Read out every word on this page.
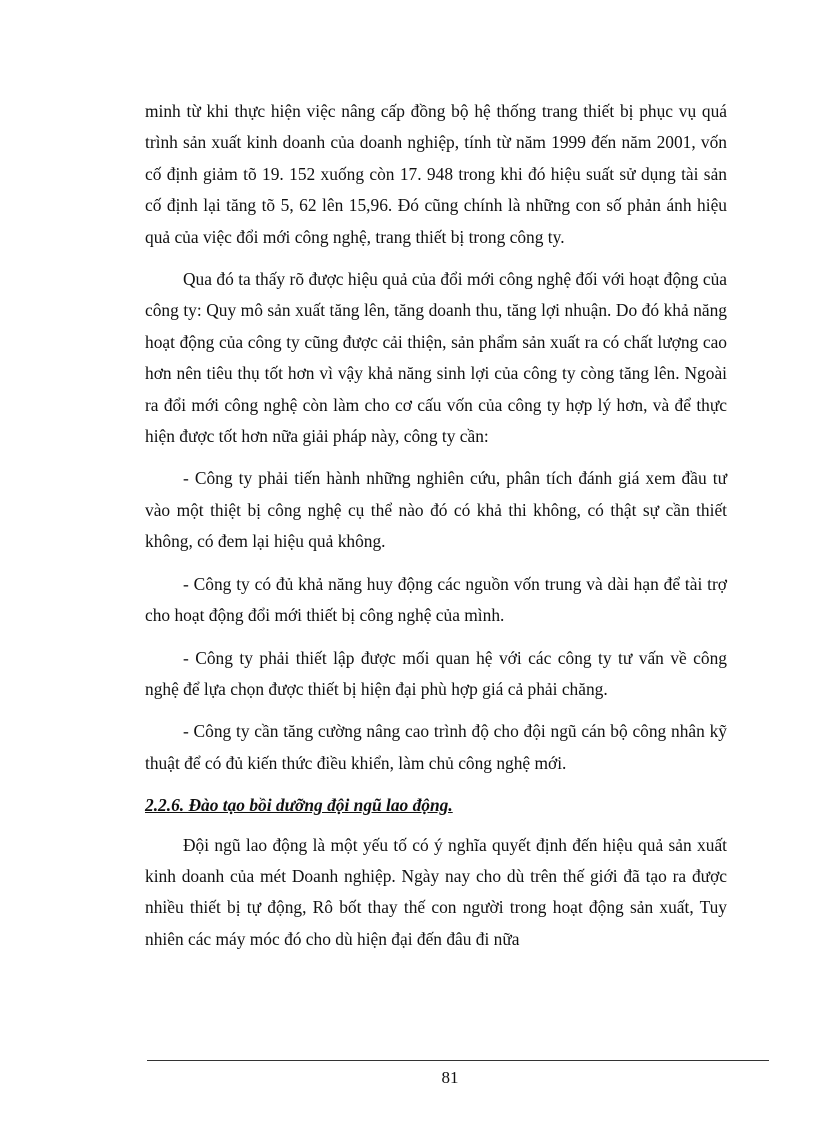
minh từ khi thực hiện việc nâng cấp đồng bộ hệ thống trang thiết bị phục vụ quá trình sản xuất kinh doanh của doanh nghiệp, tính từ năm 1999 đến năm 2001, vốn cố định giảm tõ 19. 152 xuống còn 17. 948 trong khi đó hiệu suất sử dụng tài sản cố định lại tăng tõ 5, 62 lên 15,96. Đó cũng chính là những con số phản ánh hiệu quả của việc đổi mới công nghệ, trang thiết bị trong công ty.

Qua đó ta thấy rõ được hiệu quả của đổi mới công nghệ đối với hoạt động của công ty: Quy mô sản xuất tăng lên, tăng doanh thu, tăng lợi nhuận. Do đó khả năng hoạt động của công ty cũng được cải thiện, sản phẩm sản xuất ra có chất lượng cao hơn nên tiêu thụ tốt hơn vì vậy khả năng sinh lợi của công ty còng tăng lên. Ngoài ra đổi mới công nghệ còn làm cho cơ cấu vốn của công ty hợp lý hơn, và để thực hiện được tốt hơn nữa giải pháp này, công ty cần:

- Công ty phải tiến hành những nghiên cứu, phân tích đánh giá xem đầu tư vào một thiệt bị công nghệ cụ thể nào đó có khả thi không, có thật sự cần thiết không, có đem lại hiệu quả không.

- Công ty có đủ khả năng huy động các nguồn vốn trung và dài hạn để tài trợ cho hoạt động đổi mới thiết bị công nghệ của mình.

- Công ty phải thiết lập được mối quan hệ với các công ty tư vấn về công nghệ để lựa chọn được thiết bị hiện đại phù hợp giá cả phải chăng.

- Công ty cần tăng cường nâng cao trình độ cho đội ngũ cán bộ công nhân kỹ thuật để có đủ kiến thức điều khiển, làm chủ công nghệ mới.

2.2.6. Đào tạo bồi dưỡng đội ngũ lao động.

Đội ngũ lao động là một yếu tố có ý nghĩa quyết định đến hiệu quả sản xuất kinh doanh của mét Doanh nghiệp. Ngày nay cho dù trên thế giới đã tạo ra được nhiều thiết bị tự động, Rô bốt thay thế con người trong hoạt động sản xuất, Tuy nhiên các máy móc đó cho dù hiện đại đến đâu đi nữa

81
